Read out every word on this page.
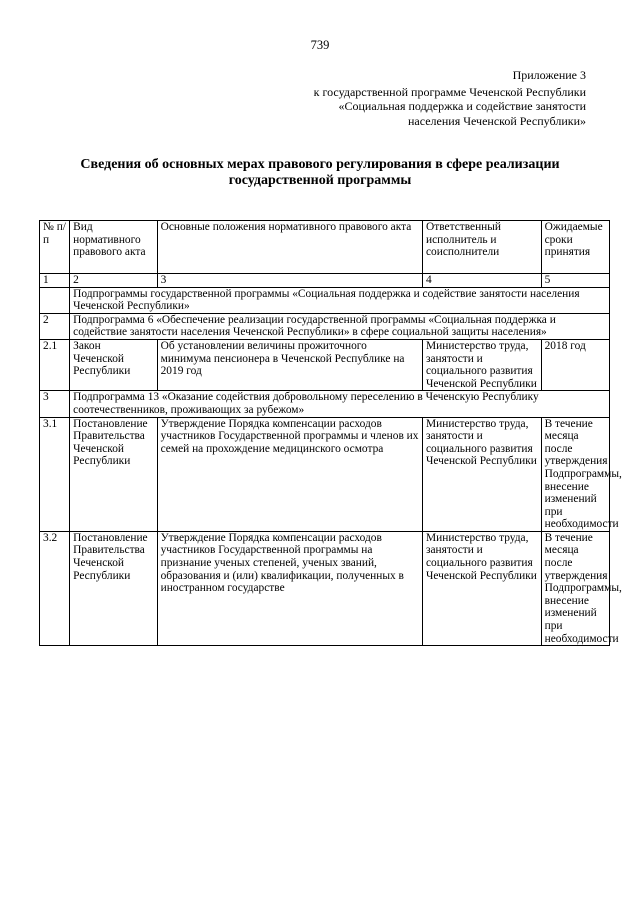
739
Приложение 3
к государственной программе Чеченской Республики
«Социальная поддержка и содействие занятости
населения Чеченской Республики»
Сведения об основных мерах правового регулирования в сфере реализации
государственной программы
№ п/п	Вид нормативного правового акта	Основные положения нормативного правового акта	Ответственный исполнитель и соисполнители	Ожидаемые сроки принятия
1	2	3	4	5
	Подпрограммы государственной программы «Социальная поддержка и содействие занятости населения Чеченской Республики»			
2	Подпрограмма 6 «Обеспечение реализации государственной программы «Социальная поддержка и содействие занятости населения Чеченской Республики» в сфере социальной защиты населения»			
2.1	Закон Чеченской Республики	Об установлении величины прожиточного минимума пенсионера в Чеченской Республике на 2019 год	Министерство труда, занятости и социального развития Чеченской Республики	2018 год
3	Подпрограмма 13 «Оказание содействия добровольному переселению в Чеченскую Республику соотечественников, проживающих за рубежом»			
3.1	Постановление Правительства Чеченской Республики	Утверждение Порядка компенсации расходов участников Государственной программы и членов их семей на прохождение медицинского осмотра	Министерство труда, занятости и социального развития Чеченской Республики	В течение месяца после утверждения Подпрограммы, внесение изменений при необходимости
3.2	Постановление Правительства Чеченской Республики	Утверждение Порядка компенсации расходов участников Государственной программы на признание ученых степеней, ученых званий, образования и (или) квалификации, полученных в иностранном государстве	Министерство труда, занятости и социального развития Чеченской Республики	В течение месяца после утверждения Подпрограммы, внесение изменений при необходимости
